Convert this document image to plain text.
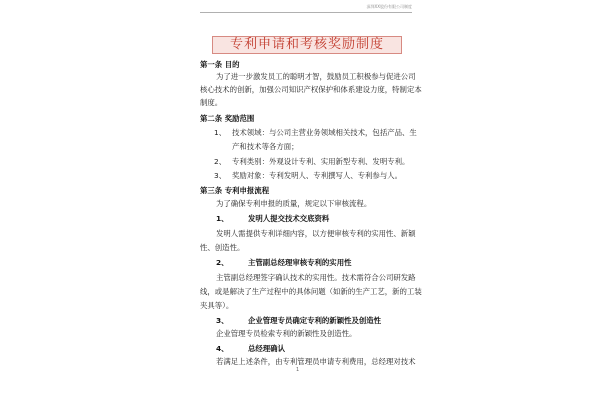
深圳XX股份有限公司制度
专利申请和考核奖励制度
第一条 目的
为了进一步激发员工的聪明才智，鼓励员工积极参与促进公司
核心技术的创新，加强公司知识产权保护和体系建设力度，特制定本
制度。
第二条 奖励范围
1、 技术领域：与公司主营业务领域相关技术，包括产品、生
产和技术等各方面；
2、 专利类别：外观设计专利、实用新型专利、发明专利。
3、 奖励对象：专利发明人、专利撰写人、专利参与人。
第三条 专利申报流程
为了确保专利申报的质量，规定以下审核流程。
1、	发明人提交技术交底资料
发明人需提供专利详细内容，以方便审核专利的实用性、新颖
性、创造性。
2、	主管副总经理审核专利的实用性
主管副总经理签字确认技术的实用性。技术需符合公司研发路
线，或是解决了生产过程中的具体问题（如新的生产工艺，新的工装
夹具等）。
3、	企业管理专员确定专利的新颖性及创造性
企业管理专员检索专利的新颖性及创造性。
4、	总经理确认
若满足上述条件，由专利管理员申请专利费用，总经理对技术
1
